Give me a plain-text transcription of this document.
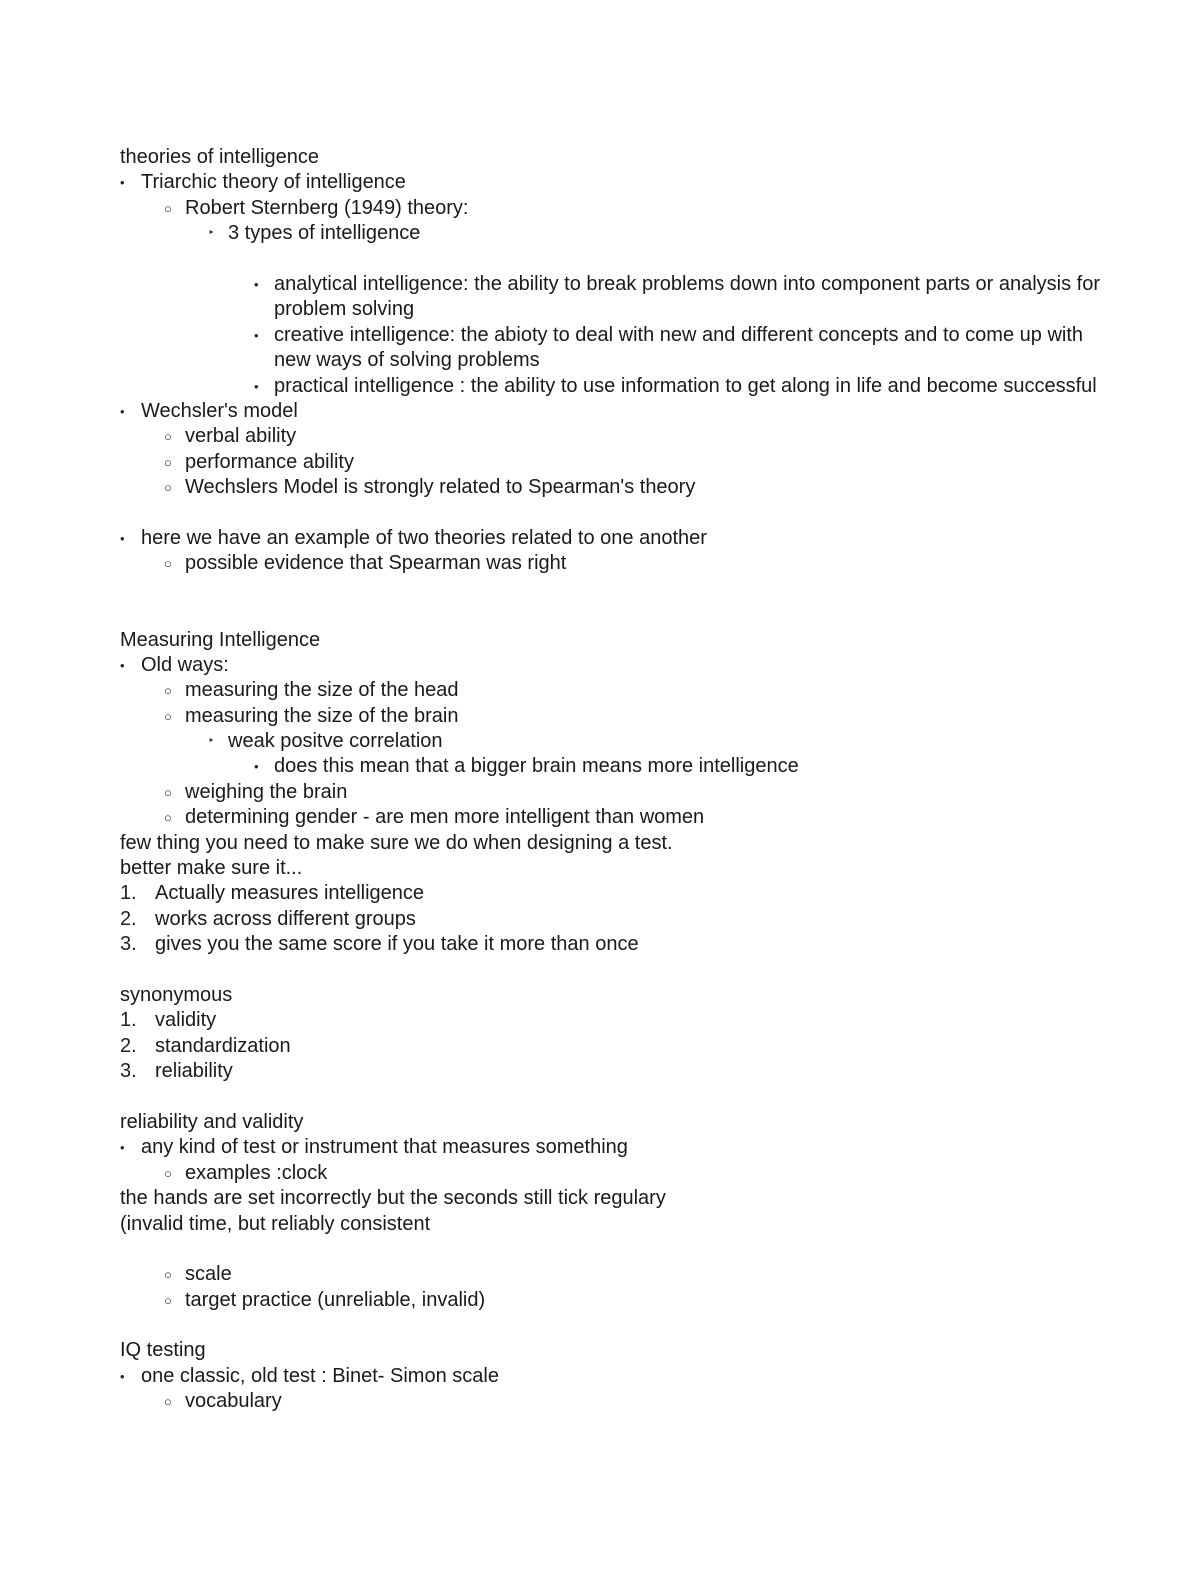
theories of intelligence
• Triarchic theory of intelligence
○ Robert Sternberg (1949) theory:
‣ 3 types of intelligence
• analytical intelligence: the ability to break problems down into component parts or analysis for problem solving
• creative intelligence: the abioty to deal with new and different concepts and to come up with new ways of solving problems
• practical intelligence : the ability to use information to get along in life and become successful
• Wechsler's model
○ verbal ability
○ performance ability
○ Wechslers Model is strongly related to Spearman's theory
• here we have an example of two theories related to one another
○ possible evidence that Spearman was right
Measuring Intelligence
• Old ways:
○ measuring the size of the head
○ measuring the size of the brain
‣ weak positve correlation
• does this mean that a bigger brain means more intelligence
○ weighing the brain
○ determining gender - are men more intelligent than women
few thing you need to make sure we do when designing a test.
better make sure it...
1. Actually measures intelligence
2. works across different groups
3. gives you the same score if you take it more than once
synonymous
1. validity
2. standardization
3. reliability
reliability and validity
• any kind of test or instrument that measures something
○ examples :clock
the hands are set incorrectly but the seconds still tick regulary
(invalid time, but reliably consistent
○ scale
○ target practice (unreliable, invalid)
IQ testing
• one classic, old test : Binet- Simon scale
○ vocabulary
